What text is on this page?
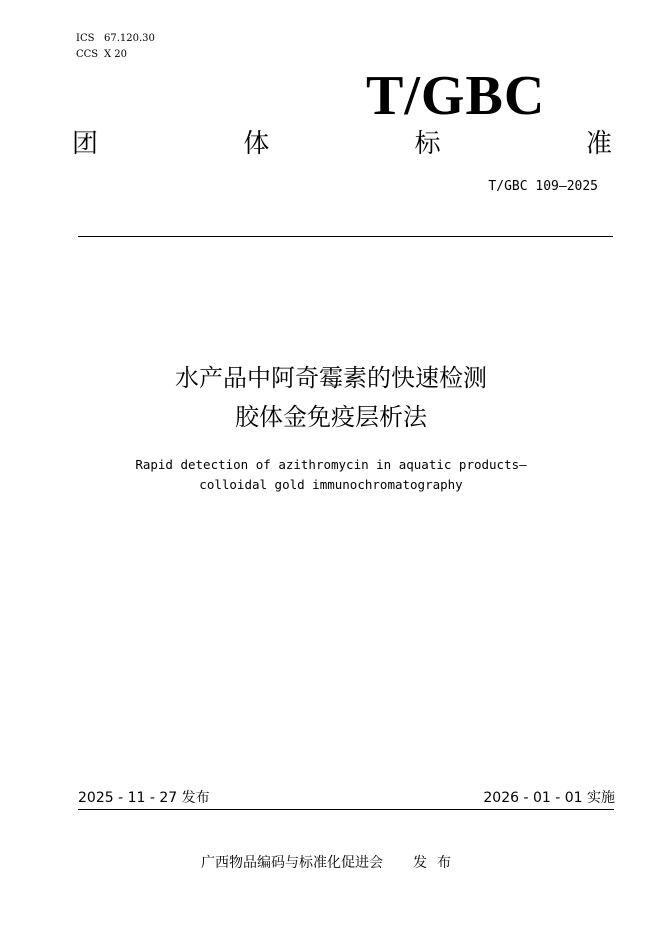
ICS 67.120.30
CCS X 20
T/GBC
团	体	标	准
T/GBC 109—2025
水产品中阿奇霉素的快速检测
胶体金免疫层析法
Rapid detection of azithromycin in aquatic products—
colloidal gold immunochromatography
2025 - 11 - 27 发布	2026 - 01 - 01 实施
广西物品编码与标准化促进会 发布
